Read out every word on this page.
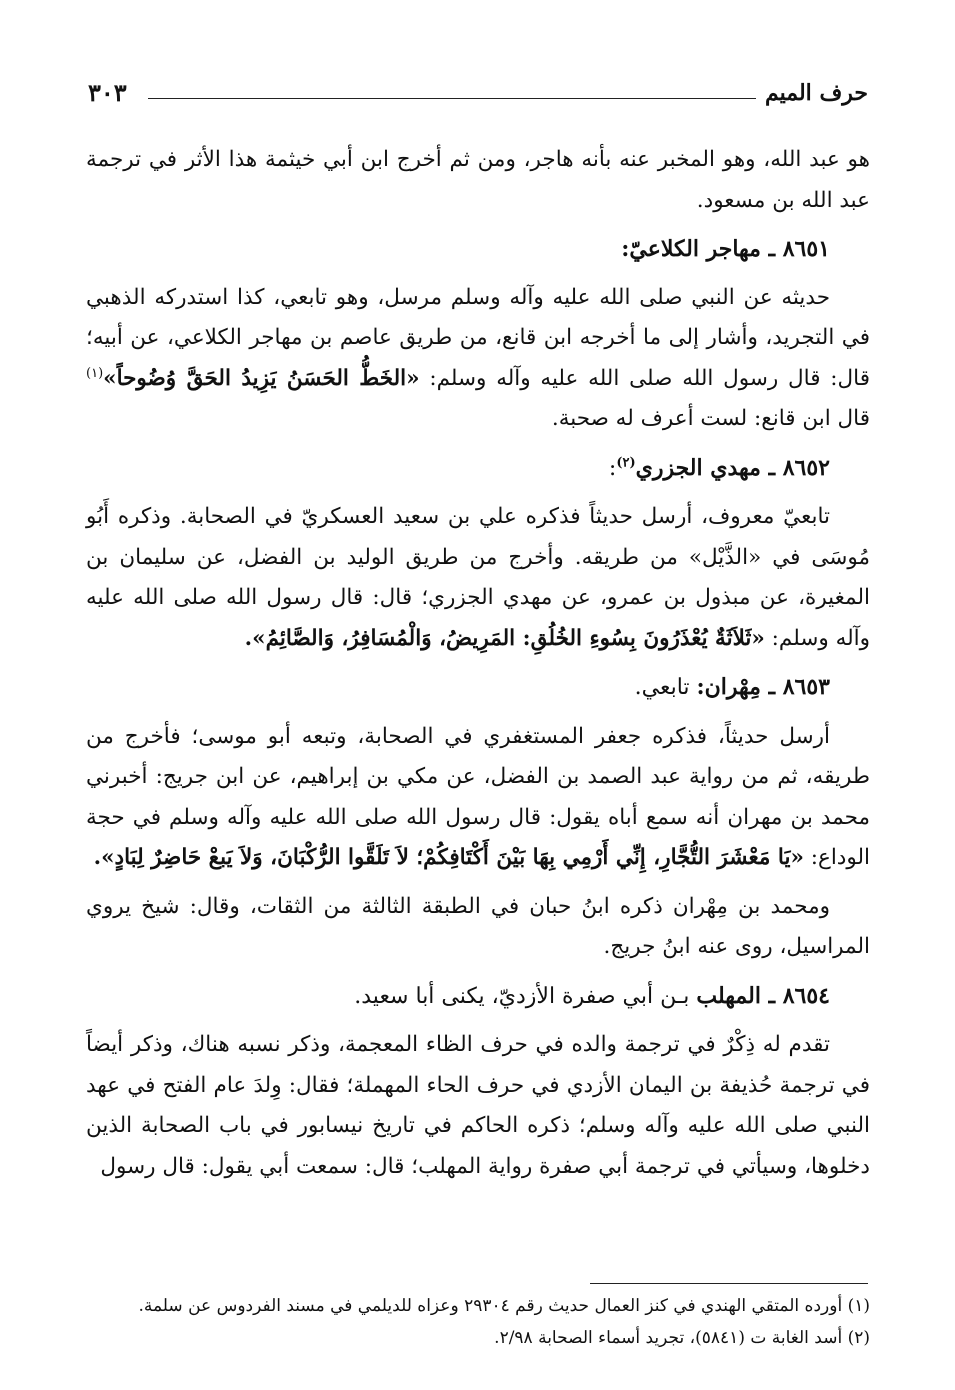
حرف الميم
٣٠٣

هو عبد الله، وهو المخبر عنه بأنه هاجر، ومن ثم أخرج ابن أبي خيثمة هذا الأثر في ترجمة عبد الله بن مسعود.

٨٦٥١ ـ مهاجر الكلاعيّ:

حديثه عن النبي صلى الله عليه وآله وسلم مرسل، وهو تابعي، كذا استدركه الذهبي في التجريد، وأشار إلى ما أخرجه ابن قانع، من طريق عاصم بن مهاجر الكلاعي، عن أبيه؛ قال: قال رسول الله صلى الله عليه وآله وسلم: «الخَطُّ الحَسَنُ يَزِيدُ الحَقَّ وُضُوحاً»$^{(١)}$ قال ابن قانع: لست أعرف له صحبة.

٨٦٥٢ ـ مهدي الجزري$^{(٢)}$:

تابعيّ معروف، أرسل حديثاً فذكره علي بن سعيد العسكريّ في الصحابة. وذكره أَبُو مُوسَى في «الذَّيْل» من طريقه. وأخرج من طريق الوليد بن الفضل، عن سليمان بن المغيرة، عن مبذول بن عمرو، عن مهدي الجزري؛ قال: قال رسول الله صلى الله عليه وآله وسلم: «ثَلاَثَةٌ يُعْذَرُونَ بِسُوءِ الخُلُقِ: المَرِيضُ، وَالْمُسَافِرُ، وَالصَّائِمُ».

٨٦٥٣ ـ مِهْران: تابعي.

أرسل حديثاً، فذكره جعفر المستغفري في الصحابة، وتبعه أبو موسى؛ فأخرج من طريقه، ثم من رواية عبد الصمد بن الفضل، عن مكي بن إبراهيم، عن ابن جريج: أخبرني محمد بن مهران أنه سمع أباه يقول: قال رسول الله صلى الله عليه وآله وسلم في حجة الوداع: «يَا مَعْشَرَ التُّجَّارِ، إِنِّي أَرْمِي بِهَا بَيْنَ أَكْتَافِكُمْ؛ لاَ تَلَقَّوا الرُّكْبَانَ، وَلاَ يَبعْ حَاضِرٌ لِبَادٍ».

ومحمد بن مِهْران ذكره ابنُ حبان في الطبقة الثالثة من الثقات، وقال: شيخ يروي المراسيل، روى عنه ابنُ جريج.

٨٦٥٤ ـ المهلب بـن أبي صفرة الأزديّ، يكنى أبا سعيد.

تقدم له ذِكْرٌ في ترجمة والده في حرف الظاء المعجمة، وذكر نسبه هناك، وذكر أيضاً في ترجمة حُذيفة بن اليمان الأزدي في حرف الحاء المهملة؛ فقال: وِلدَ عام الفتح في عهد النبي صلى الله عليه وآله وسلم؛ ذكره الحاكم في تاريخ نيسابور في باب الصحابة الذين دخلوها، وسيأتي في ترجمة أبي صفرة رواية المهلب؛ قال: سمعت أبي يقول: قال رسول

(١) أورده المتقي الهندي في كنز العمال حديث رقم ٢٩٣٠٤ وعزاه للديلمي في مسند الفردوس عن سلمة.

(٢) أسد الغابة ت (٥٨٤١)، تجريد أسماء الصحابة ٢/٩٨.
